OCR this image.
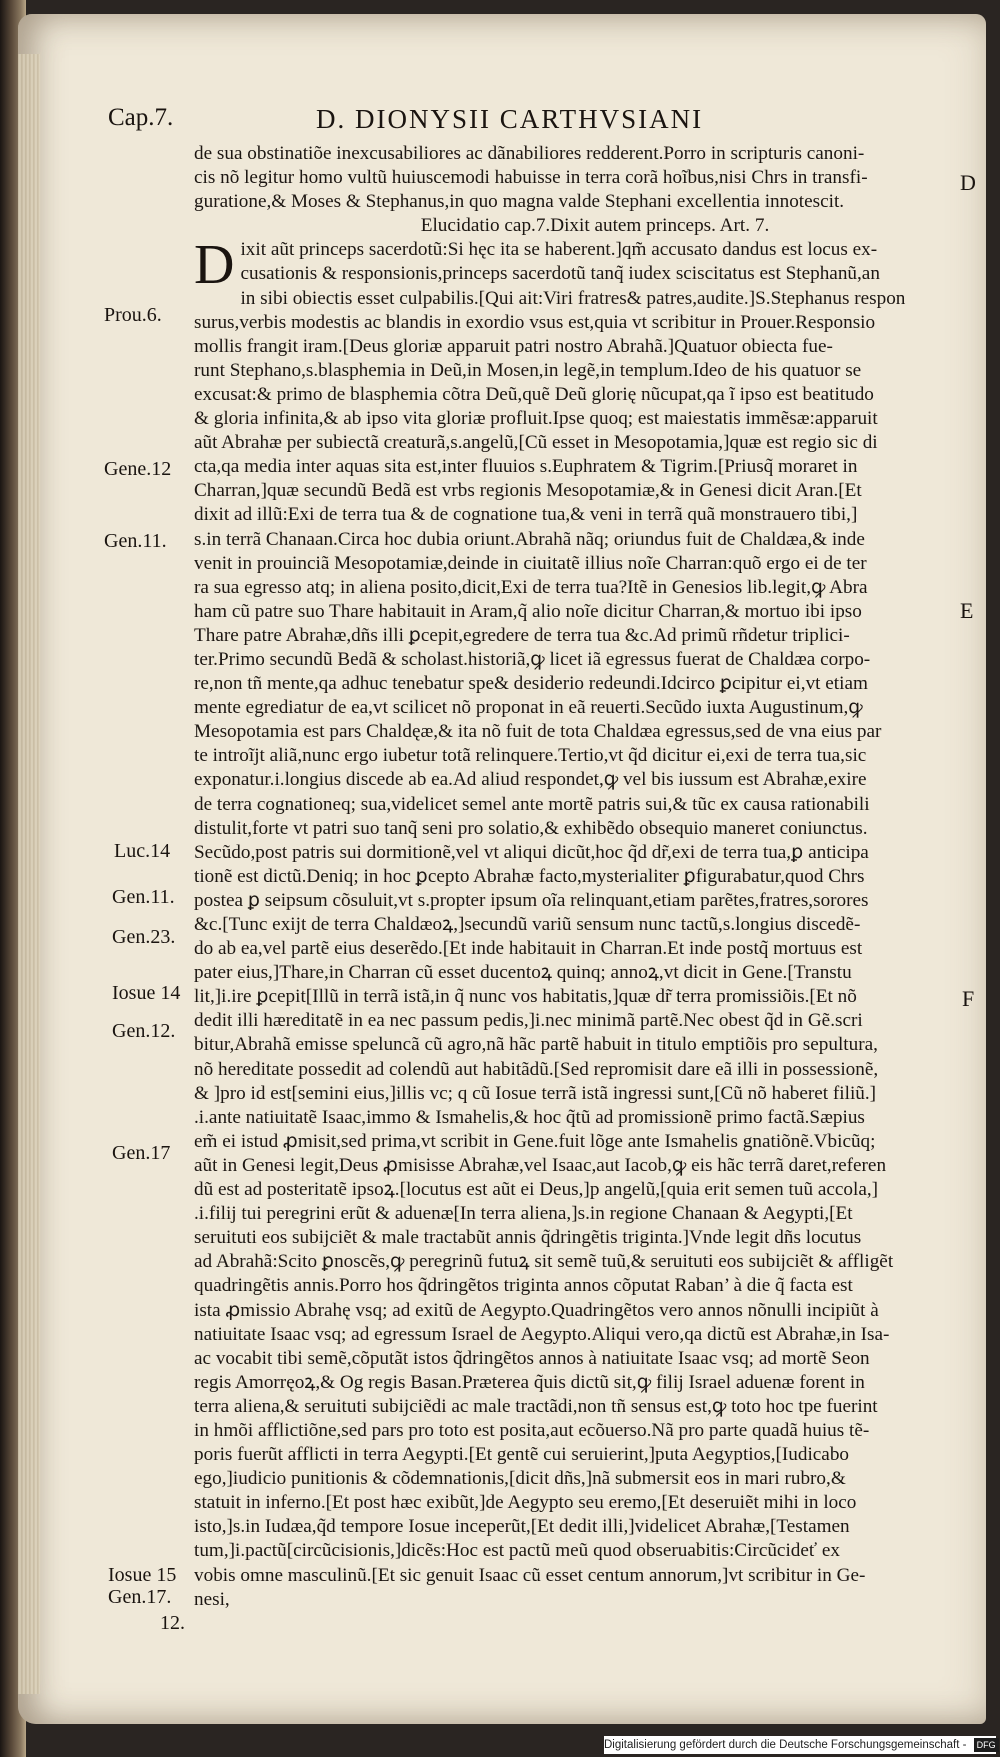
Cap.7.	D. DIONYSII CARTHVSIANI
D
E
F
Prou.6.
Gene.12
Gen.11.
Luc.14
Gen.11.
Gen.23.
Iosue 14
Gen.12.
Gen.17
Iosue 15
Gen.17.
12.
de sua obstinatiõe inexcusabiliores ac dãnabiliores redderent.Porro in scripturis canoni-
cis nõ legitur homo vultũ huiuscemodi habuisse in terra corã hoĩbus,nisi Chrs in transfi-
guratione,& Moses & Stephanus,in quo magna valde Stephani excellentia innotescit.
Elucidatio cap.7.Dixit autem princeps. Art. 7.
D ixit aũt princeps sacerdotũ:Si hęc ita se haberent.]qm̃ accusato dandus est locus ex-
cusationis & responsionis,princeps sacerdotũ tanq̃ iudex sciscitatus est Stephanũ,an
in sibi obiectis esset culpabilis.[Qui ait:Viri fratres& patres,audite.]S.Stephanus respon
surus,verbis modestis ac blandis in exordio vsus est,quia vt scribitur in Prouer.Responsio
mollis frangit iram.[Deus gloriæ apparuit patri nostro Abrahã.]Quatuor obiecta fue-
runt Stephano,s.blasphemia in Deũ,in Mosen,in legẽ,in templum.Ideo de his quatuor se
excusat:& primo de blasphemia cõtra Deũ,quẽ Deũ glorię nũcupat,qa ĩ ipso est beatitudo
& gloria infinita,& ab ipso vita gloriæ profluit.Ipse quoq; est maiestatis immẽsæ:apparuit
aũt Abrahæ per subiectã creaturã,s.angelũ,[Cũ esset in Mesopotamia,]quæ est regio sic di
cta,qa media inter aquas sita est,inter fluuios s.Euphratem & Tigrim.[Priusq̃ moraret in
Charran,]quæ secundũ Bedã est vrbs regionis Mesopotamiæ,& in Genesi dicit Aran.[Et
dixit ad illũ:Exi de terra tua & de cognatione tua,& veni in terrã quã monstrauero tibi,]
s.in terrã Chanaan.Circa hoc dubia oriunt.Abrahã nãq; oriundus fuit de Chaldæa,& inde
venit in prouinciã Mesopotamiæ,deinde in ciuitatẽ illius noĩe Charran:quõ ergo ei de ter
ra sua egresso atq; in aliena posito,dicit,Exi de terra tua?Itẽ in Genesios lib.legit,ꝙ Abra
ham cũ patre suo Thare habitauit in Aram,q̃ alio noĩe dicitur Charran,& mortuo ibi ipso
Thare patre Abrahæ,dñs illi ꝑcepit,egredere de terra tua &c.Ad primũ rñdetur triplici-
ter.Primo secundũ Bedã & scholast.historiã,ꝙ licet iã egressus fuerat de Chaldæa corpo-
re,non tñ mente,qa adhuc tenebatur spe& desiderio redeundi.Idcirco ꝑcipitur ei,vt etiam
mente egrediatur de ea,vt scilicet nõ proponat in eã reuerti.Secũdo iuxta Augustinum,ꝙ
Mesopotamia est pars Chaldęæ,& ita nõ fuit de tota Chaldæa egressus,sed de vna eius par
te introĩjt aliã,nunc ergo iubetur totã relinquere.Tertio,vt q̃d dicitur ei,exi de terra tua,sic
exponatur.i.longius discede ab ea.Ad aliud respondet,ꝙ vel bis iussum est Abrahæ,exire
de terra cognationeq; sua,videlicet semel ante mortẽ patris sui,& tũc ex causa rationabili
distulit,forte vt patri suo tanq̃ seni pro solatio,& exhibẽdo obsequio maneret coniunctus.
Secũdo,post patris sui dormitionẽ,vel vt aliqui dicũt,hoc q̃d dr̃,exi de terra tua,ꝑ anticipa
tionẽ est dictũ.Deniq; in hoc ꝑcepto Abrahæ facto,mysterialiter ꝑfigurabatur,quod Chrs
postea ꝑ seipsum cõsuluit,vt s.propter ipsum oĩa relinquant,etiam parẽtes,fratres,sorores
&c.[Tunc exijt de terra Chaldæoꝝ,]secundũ variũ sensum nunc tactũ,s.longius discedẽ-
do ab ea,vel partẽ eius deserẽdo.[Et inde habitauit in Charran.Et inde postq̃ mortuus est
pater eius,]Thare,in Charran cũ esset ducentoꝝ quinq; annoꝝ,vt dicit in Gene.[Transtu
lit,]i.ire ꝑcepit[Illũ in terrã istã,in q̃ nunc vos habitatis,]quæ dr̃ terra promissiõis.[Et nõ
dedit illi hæreditatẽ in ea nec passum pedis,]i.nec minimã partẽ.Nec obest q̃d in Gẽ.scri
bitur,Abrahã emisse speluncã cũ agro,nã hãc partẽ habuit in titulo emptiõis pro sepultura,
nõ hereditate possedit ad colendũ aut habitãdũ.[Sed repromisit dare eã illi in possessionẽ,
& ]pro id est[semini eius,]illis vc; q cũ Iosue terrã istã ingressi sunt,[Cũ nõ haberet filiũ.]
.i.ante natiuitatẽ Isaac,immo & Ismahelis,& hoc q̃tũ ad promissionẽ primo factã.Sæpius
em̃ ei istud ꝓmisit,sed prima,vt scribit in Gene.fuit lõge ante Ismahelis gnatiõnẽ.Vbicũq;
aũt in Genesi legit,Deus ꝓmisisse Abrahæ,vel Isaac,aut Iacob,ꝙ eis hãc terrã daret,referen
dũ est ad posteritatẽ ipsoꝝ.[locutus est aũt ei Deus,]p angelũ,[quia erit semen tuũ accola,]
.i.filij tui peregrini erũt & aduenæ[In terra aliena,]s.in regione Chanaan & Aegypti,[Et
seruituti eos subijciẽt & male tractabũt annis q̃dringẽtis triginta.]Vnde legit dñs locutus
ad Abrahã:Scito ꝑnoscẽs,ꝙ peregrinũ futuꝝ sit semẽ tuũ,& seruituti eos subijciẽt & affligẽt
quadringẽtis annis.Porro hos q̃dringẽtos triginta annos cõputat Raban’ à die q̃ facta est
ista ꝓmissio Abrahę vsq; ad exitũ de Aegypto.Quadringẽtos vero annos nõnulli incipiũt à
natiuitate Isaac vsq; ad egressum Israel de Aegypto.Aliqui vero,qa dictũ est Abrahæ,in Isa-
ac vocabit tibi semẽ,cõputãt istos q̃dringẽtos annos à natiuitate Isaac vsq; ad mortẽ Seon
regis Amorręoꝝ,& Og regis Basan.Præterea q̃uis dictũ sit,ꝙ filij Israel aduenæ forent in
terra aliena,& seruituti subijciẽdi ac male tractãdi,non tñ sensus est,ꝙ toto hoc tpe fuerint
in hmõi afflictiõne,sed pars pro toto est posita,aut ecõuerso.Nã pro parte quadã huius tẽ-
poris fuerũt afflicti in terra Aegypti.[Et gentẽ cui seruierint,]puta Aegyptios,[Iudicabo
ego,]iudicio punitionis & cõdemnationis,[dicit dñs,]nã submersit eos in mari rubro,&
statuit in inferno.[Et post hæc exibũt,]de Aegypto seu eremo,[Et deseruiẽt mihi in loco
isto,]s.in Iudæa,q̃d tempore Iosue inceperũt,[Et dedit illi,]videlicet Abrahæ,[Testamen
tum,]i.pactũ[circũcisionis,]dicẽs:Hoc est pactũ meũ quod obseruabitis:Circũcideť ex
vobis omne masculinũ.[Et sic genuit Isaac cũ esset centum annorum,]vt scribitur in Ge-
nesi,
Digitalisierung gefördert durch die Deutsche Forschungsgemeinschaft - DFG
